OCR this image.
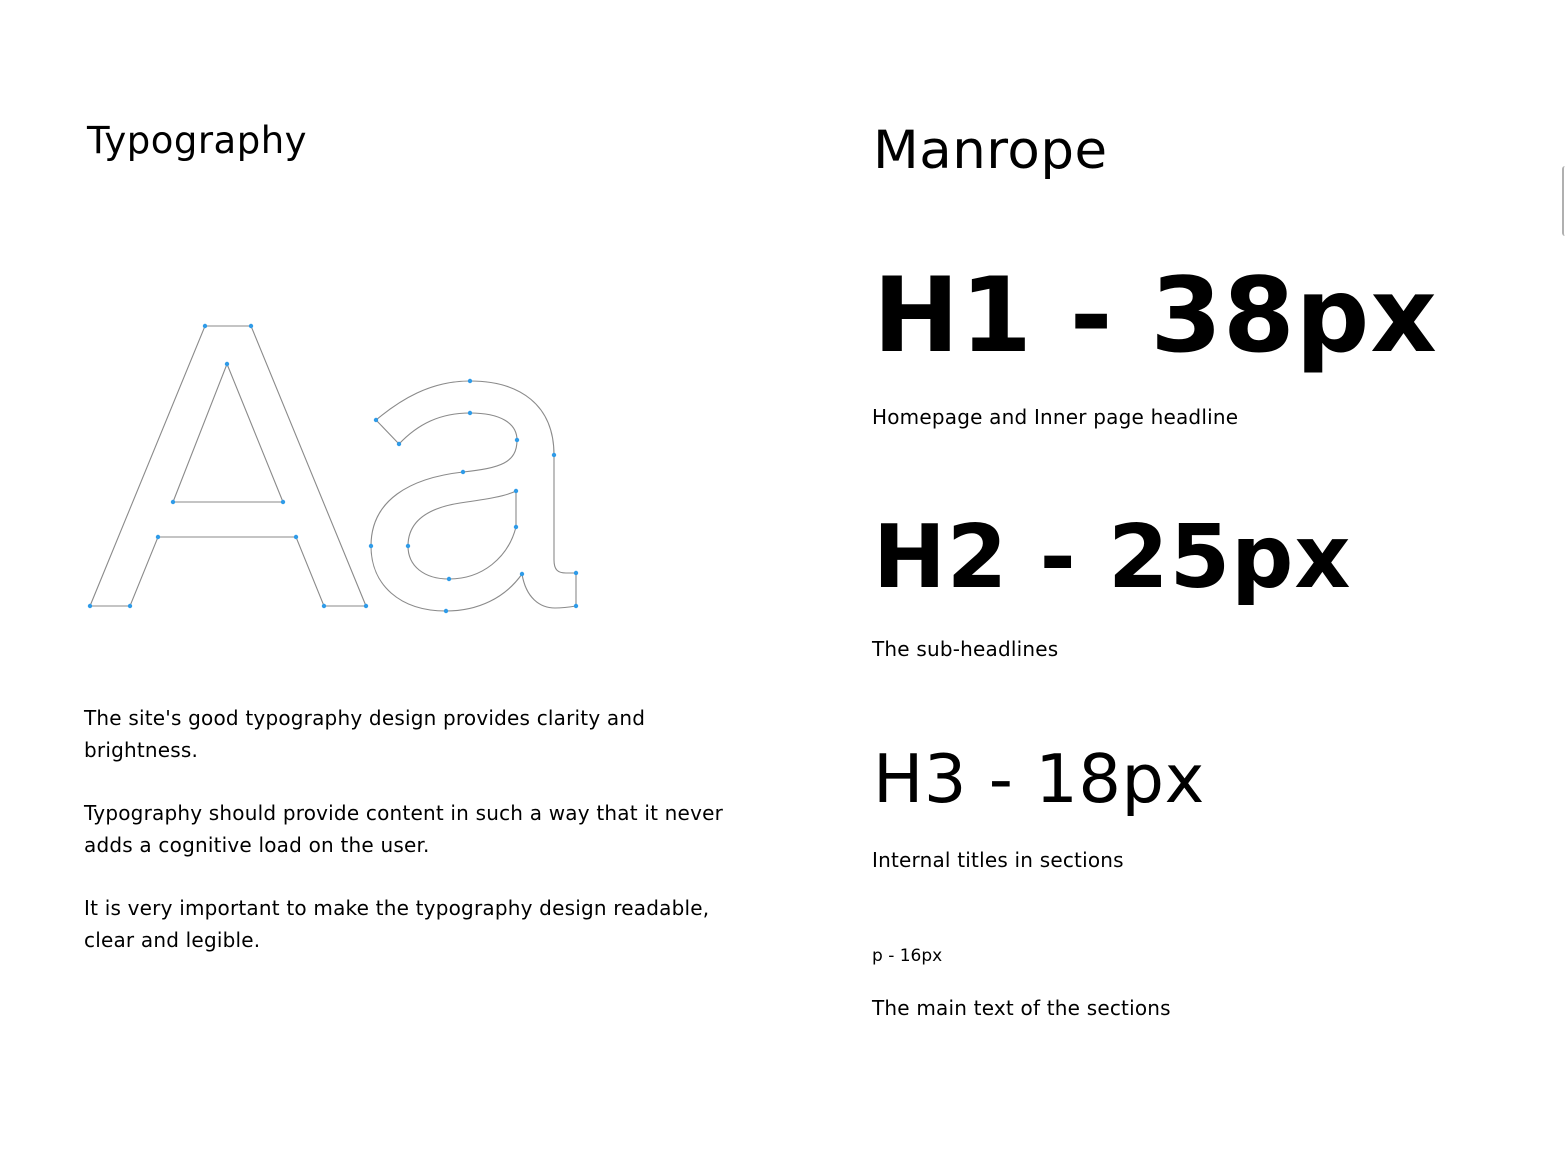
Typography

The site's good typography design provides clarity and brightness.

Typography should provide content in such a way that it never adds a cognitive load on the user.

It is very important to make the typography design readable, clear and legible.

Manrope
H1 - 38px
Homepage and Inner page headline
H2 - 25px
The sub-headlines
H3 - 18px
Internal titles in sections
p - 16px
The main text of the sections
